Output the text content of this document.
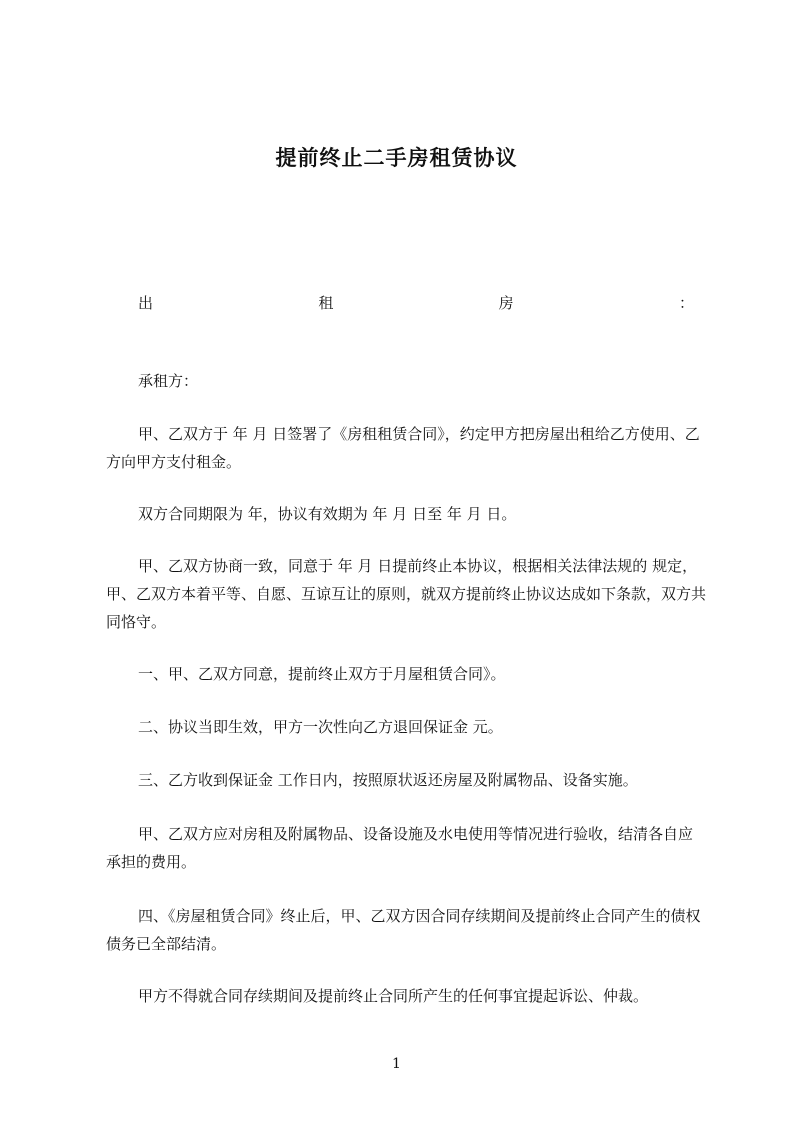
提前终止二手房租赁协议
出	租	房	：
承租方：
甲、乙双方于 年 月 日签署了《房租租赁合同》，约定甲方把房屋出租给乙方使用、乙方向甲方支付租金。
双方合同期限为 年，协议有效期为 年 月 日至 年 月 日。
甲、乙双方协商一致，同意于 年 月 日提前终止本协议，根据相关法律法规的 规定，甲、乙双方本着平等、自愿、互谅互让的原则，就双方提前终止协议达成如下条款，双方共同恪守。
一、甲、乙双方同意，提前终止双方于月屋租赁合同》。
二、协议当即生效，甲方一次性向乙方退回保证金 元。
三、乙方收到保证金 工作日内，按照原状返还房屋及附属物品、设备实施。
甲、乙双方应对房租及附属物品、设备设施及水电使用等情况进行验收，结清各自应承担的费用。
四、《房屋租赁合同》终止后，甲、乙双方因合同存续期间及提前终止合同产生的债权债务已全部结清。
甲方不得就合同存续期间及提前终止合同所产生的任何事宜提起诉讼、仲裁。
1
